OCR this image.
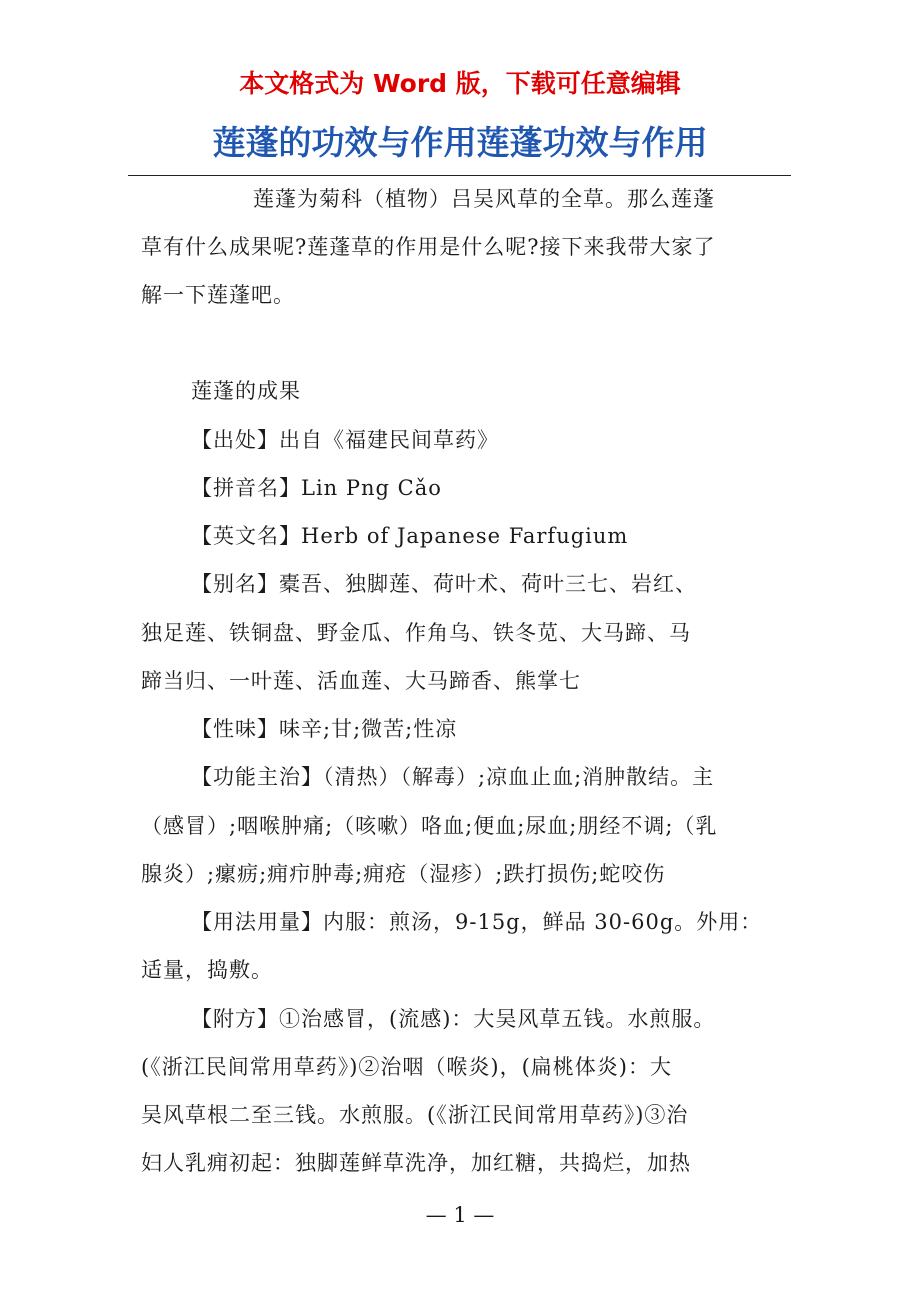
本文格式为 Word 版，下载可任意编辑
莲蓬的功效与作用莲蓬功效与作用
莲蓬为菊科（植物）吕吴风草的全草。那么莲蓬
草有什么成果呢?莲蓬草的作用是什么呢?接下来我带大家了
解一下莲蓬吧。
莲蓬的成果
【出处】出自《福建民间草药》
【拼音名】Lin Png Cǎo
【英文名】Herb of Japanese Farfugium
【别名】橐吾、独脚莲、荷叶术、荷叶三七、岩红、
独足莲、铁铜盘、野金瓜、作角乌、铁冬苋、大马蹄、马
蹄当归、一叶莲、活血莲、大马蹄香、熊掌七
【性味】味辛;甘;微苦;性凉
【功能主治】（清热）（解毒）;凉血止血;消肿散结。主
（感冒）;咽喉肿痛;（咳嗽）咯血;便血;尿血;朋经不调;（乳
腺炎）;瘰疬;痈疖肿毒;痈疮（湿疹）;跌打损伤;蛇咬伤
【用法用量】内服：煎汤，9-15g，鲜品 30-60g。外用：
适量，捣敷。
【附方】①治感冒，(流感)：大吴风草五钱。水煎服。
(《浙江民间常用草药》)②治咽（喉炎)，(扁桃体炎)：大
吴风草根二至三钱。水煎服。(《浙江民间常用草药》)③治
妇人乳痈初起：独脚莲鲜草洗净，加红糖，共捣烂，加热
— 1 —
